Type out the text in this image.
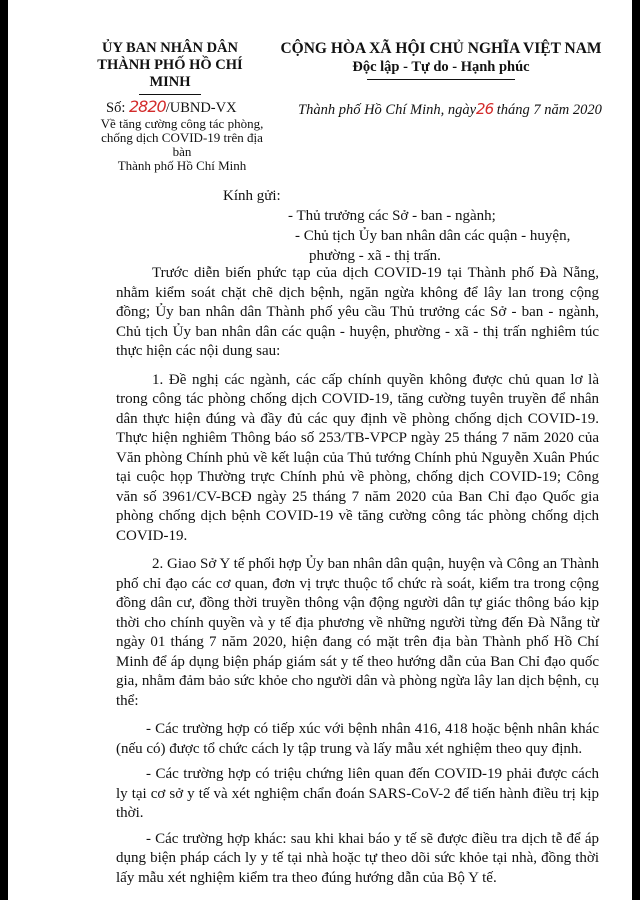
ỦY BAN NHÂN DÂN
THÀNH PHỐ HỒ CHÍ MINH
CỘNG HÒA XÃ HỘI CHỦ NGHĨA VIỆT NAM
Độc lập - Tự do - Hạnh phúc
Số: 2820/UBND-VX
Về tăng cường công tác phòng,
chống dịch COVID-19 trên địa bàn
Thành phố Hồ Chí Minh
Thành phố Hồ Chí Minh, ngày26 tháng 7 năm 2020
Kính gửi:
- Thủ trưởng các Sở - ban - ngành;
- Chủ tịch Ủy ban nhân dân các quận - huyện,
phường - xã - thị trấn.

Trước diễn biến phức tạp của dịch COVID-19 tại Thành phố Đà Nẵng, nhằm kiểm soát chặt chẽ dịch bệnh, ngăn ngừa không để lây lan trong cộng đồng; Ủy ban nhân dân Thành phố yêu cầu Thủ trưởng các Sở - ban - ngành, Chủ tịch Ủy ban nhân dân các quận - huyện, phường - xã - thị trấn nghiêm túc thực hiện các nội dung sau:

1. Đề nghị các ngành, các cấp chính quyền không được chủ quan lơ là trong công tác phòng chống dịch COVID-19, tăng cường tuyên truyền để nhân dân thực hiện đúng và đầy đủ các quy định về phòng chống dịch COVID-19. Thực hiện nghiêm Thông báo số 253/TB-VPCP ngày 25 tháng 7 năm 2020 của Văn phòng Chính phủ về kết luận của Thủ tướng Chính phủ Nguyễn Xuân Phúc tại cuộc họp Thường trực Chính phủ về phòng, chống dịch COVID-19; Công văn số 3961/CV-BCĐ ngày 25 tháng 7 năm 2020 của Ban Chỉ đạo Quốc gia phòng chống dịch bệnh COVID-19 về tăng cường công tác phòng chống dịch COVID-19.

2. Giao Sở Y tế phối hợp Ủy ban nhân dân quận, huyện và Công an Thành phố chỉ đạo các cơ quan, đơn vị trực thuộc tổ chức rà soát, kiểm tra trong cộng đồng dân cư, đồng thời truyền thông vận động người dân tự giác thông báo kịp thời cho chính quyền và y tế địa phương về những người từng đến Đà Nẵng từ ngày 01 tháng 7 năm 2020, hiện đang có mặt trên địa bàn Thành phố Hồ Chí Minh để áp dụng biện pháp giám sát y tế theo hướng dẫn của Ban Chỉ đạo quốc gia, nhằm đảm bảo sức khỏe cho người dân và phòng ngừa lây lan dịch bệnh, cụ thể:

- Các trường hợp có tiếp xúc với bệnh nhân 416, 418 hoặc bệnh nhân khác (nếu có) được tổ chức cách ly tập trung và lấy mẫu xét nghiệm theo quy định.

- Các trường hợp có triệu chứng liên quan đến COVID-19 phải được cách ly tại cơ sở y tế và xét nghiệm chẩn đoán SARS-CoV-2 để tiến hành điều trị kịp thời.

- Các trường hợp khác: sau khi khai báo y tế sẽ được điều tra dịch tễ để áp dụng biện pháp cách ly y tế tại nhà hoặc tự theo dõi sức khỏe tại nhà, đồng thời lấy mẫu xét nghiệm kiểm tra theo đúng hướng dẫn của Bộ Y tế.
